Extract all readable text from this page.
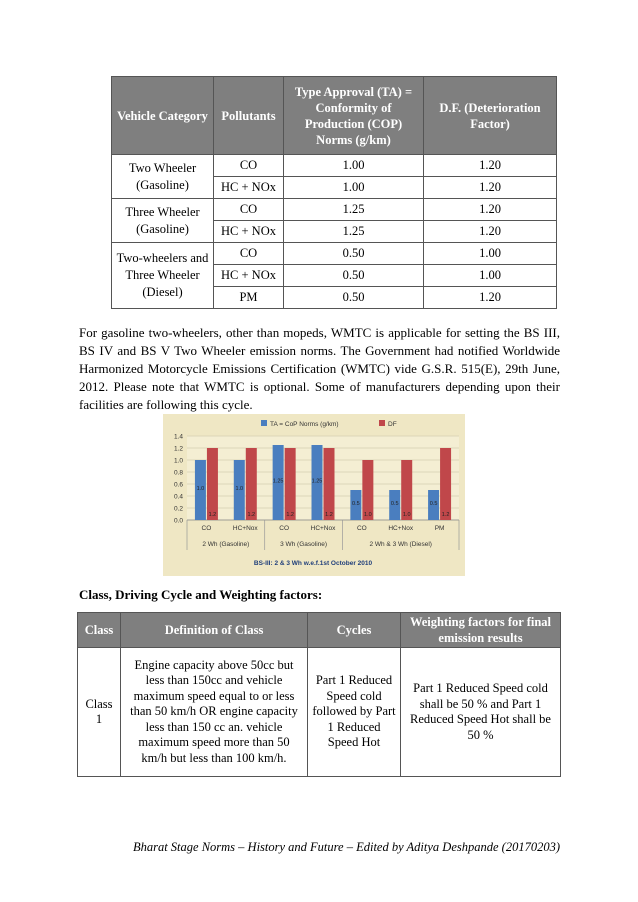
Vehicle Category	Pollutants	Type Approval (TA) = Conformity of Production (COP) Norms (g/km)	D.F. (Deterioration Factor)
Two Wheeler (Gasoline)	CO	1.00	1.20
	HC + NOx	1.00	1.20
Three Wheeler (Gasoline)	CO	1.25	1.20
	HC + NOx	1.25	1.20
Two-wheelers and Three Wheeler (Diesel)	CO	0.50	1.00
	HC + NOx	0.50	1.00
	PM	0.50	1.20

For gasoline two-wheelers, other than mopeds, WMTC is applicable for setting the BS III, BS IV and BS V Two Wheeler emission norms. The Government had notified Worldwide Harmonized Motorcycle Emissions Certification (WMTC) vide G.S.R. 515(E), 29th June, 2012. Please note that WMTC is optional. Some of manufacturers depending upon their facilities are following this cycle.

0.0
0.2
0.4
0.6
0.8
1.0
1.2
1.4
TA = CoP Norms (g/km)	DF
1.0
1.2
CO
1.0
1.2
HC+Nox
1.25
1.2
CO
1.25
1.2
HC+Nox
0.5
1.0
CO
0.5
1.0
HC+Nox
0.5
1.2
PM
2 Wh (Gasoline)	3 Wh (Gasoline)	2 Wh & 3 Wh (Diesel)
BS-III: 2 & 3 Wh w.e.f.1st October 2010

Class, Driving Cycle and Weighting factors:

Class	Definition of Class	Cycles	Weighting factors for final emission results
Class 1	Engine capacity above 50cc but less than 150cc and vehicle maximum speed equal to or less than 50 km/h OR engine capacity less than 150 cc an. vehicle maximum speed more than 50 km/h but less than 100 km/h.	Part 1 Reduced Speed cold followed by Part 1 Reduced Speed Hot	Part 1 Reduced Speed cold shall be 50 % and Part 1 Reduced Speed Hot shall be 50 %

Bharat Stage Norms – History and Future – Edited by Aditya Deshpande (20170203)
